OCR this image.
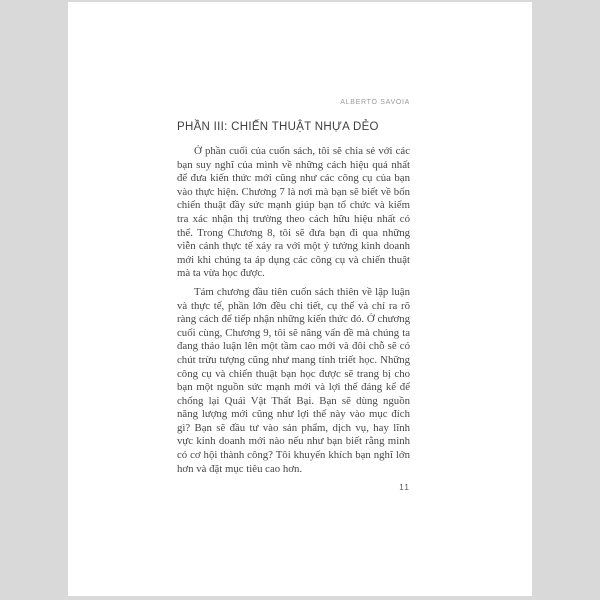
ALBERTO SAVOIA
PHẦN III: CHIẾN THUẬT NHỰA DẺO

Ở phần cuối của cuốn sách, tôi sẽ chia sẻ với các bạn suy nghĩ của mình về những cách hiệu quả nhất để đưa kiến thức mới cũng như các công cụ của bạn vào thực hiện. Chương 7 là nơi mà bạn sẽ biết về bốn chiến thuật đầy sức mạnh giúp bạn tổ chức và kiểm tra xác nhận thị trường theo cách hữu hiệu nhất có thể. Trong Chương 8, tôi sẽ đưa bạn đi qua những viễn cảnh thực tế xảy ra với một ý tưởng kinh doanh mới khi chúng ta áp dụng các công cụ và chiến thuật mà ta vừa học được.

Tám chương đầu tiên cuốn sách thiên về lập luận và thực tế, phần lớn đều chi tiết, cụ thể và chỉ ra rõ ràng cách để tiếp nhận những kiến thức đó. Ở chương cuối cùng, Chương 9, tôi sẽ nâng vấn đề mà chúng ta đang thảo luận lên một tầm cao mới và đôi chỗ sẽ có chút trừu tượng cũng như mang tính triết học. Những công cụ và chiến thuật bạn học được sẽ trang bị cho bạn một nguồn sức mạnh mới và lợi thế đáng kể để chống lại Quái Vật Thất Bại. Bạn sẽ dùng nguồn năng lượng mới cũng như lợi thế này vào mục đích gì? Bạn sẽ đầu tư vào sản phẩm, dịch vụ, hay lĩnh vực kinh doanh mới nào nếu như bạn biết rằng mình có cơ hội thành công? Tôi khuyến khích bạn nghĩ lớn hơn và đặt mục tiêu cao hơn.

11
